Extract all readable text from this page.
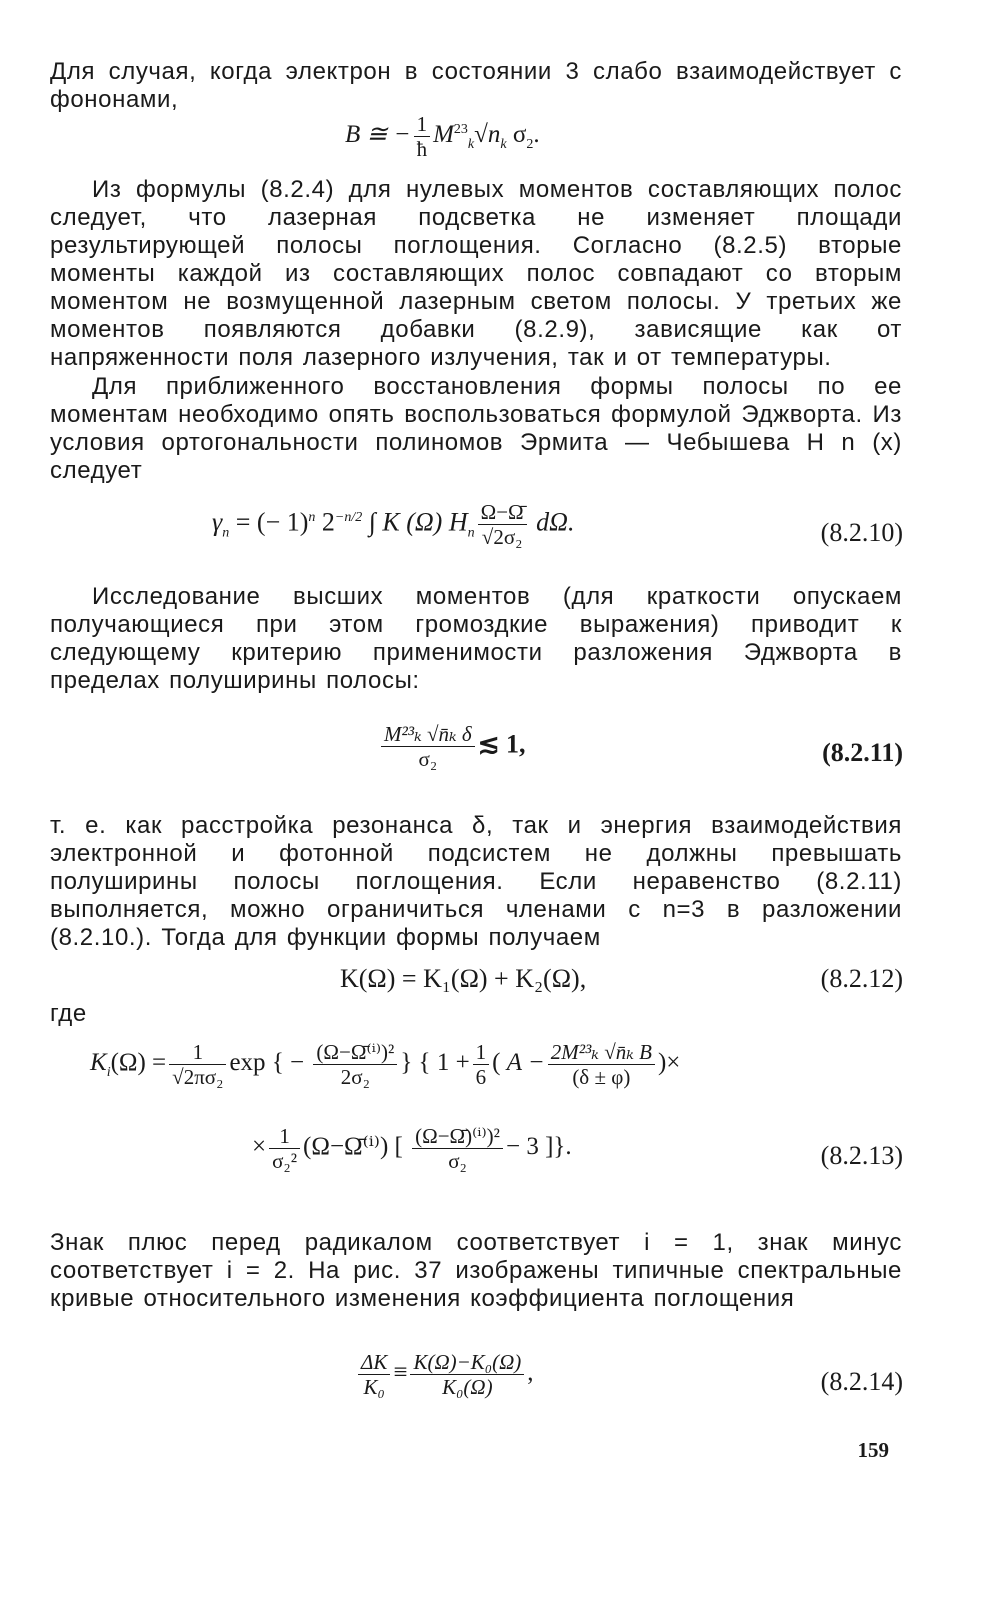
Для случая, когда электрон в состоянии 3 слабо взаимодействует с фононами,
B ≅ − $\frac{1}{ħ} M^{23}_k√n_k$ $\sigma_2$.
Из формулы (8.2.4) для нулевых моментов составляющих полос следует, что лазерная подсветка не изменяет площади результирующей полосы поглощения. Согласно (8.2.5) вторые моменты каждой из составляющих полос совпадают со вторым моментом не возмущенной лазерным светом полосы. У третьих же моментов появляются добавки (8.2.9), зависящие как от напряженности поля лазерного излучения, так и от температуры.
Для приближенного восстановления формы полосы по ее моментам необходимо опять воспользоваться формулой Эджворта. Из условия ортогональности полиномов Эрмита — Чебышева H n (x) следует
$\gamma_n$ = (− 1)$^n$ $2^{-n/2}$ ∫ K (Ω) $H_n \frac{\Omega-\Omegā}{\text{√2σ₂}} d\Omega$.	(8.2.10)
Исследование высших моментов (для краткости опускаем получающиеся при этом громоздкие выражения) приводит к следующему критерию применимости разложения Эджворта в пределах полуширины полосы:
$\frac{\text{M²³ₖ √n̄ₖ δ}}{\text{σ₂}}$ ≲ 1,	(8.2.11)
т. е. как расстройка резонанса δ, так и энергия взаимодействия электронной и фотонной подсистем не должны превышать полуширины полосы поглощения. Если неравенство (8.2.11) выполняется, можно ограничиться членами с n=3 в разложении (8.2.10.). Тогда для функции формы получаем
K(Ω) = K₁(Ω) + K₂(Ω),	(8.2.12)
где
$K_i(\Omega) = \frac{1}{\text{√2πσ₂}}$ exp { − $\frac{\text{(Ω−Ω̄⁽ⁱ⁾)²}}{\text{2σ₂}}$ } { $1 + \frac{1}{6}$ ( $A - \frac{\text{2M²³ₖ √n̄ₖ B}}{(\delta \pm \varphi)}$ )×
× $\frac{1}{\text{σ₂²}}$ (Ω−Ω̄⁽ⁱ⁾) [ $\frac{\text{(Ω−Ω̄)⁽ⁱ⁾)²}}{\text{σ₂}} - 3$ ]}.	(8.2.13)
Знак плюс перед радикалом соответствует i = 1, знак минус соответствует i = 2. На рис. 37 изображены типичные спектральные кривые относительного изменения коэффициента поглощения
$\frac{\Delta K}{\text{K₀}} \equiv \frac{\text{K(Ω)−K₀(Ω)}}{\text{K₀(Ω)}}$ ,	(8.2.14)
159
